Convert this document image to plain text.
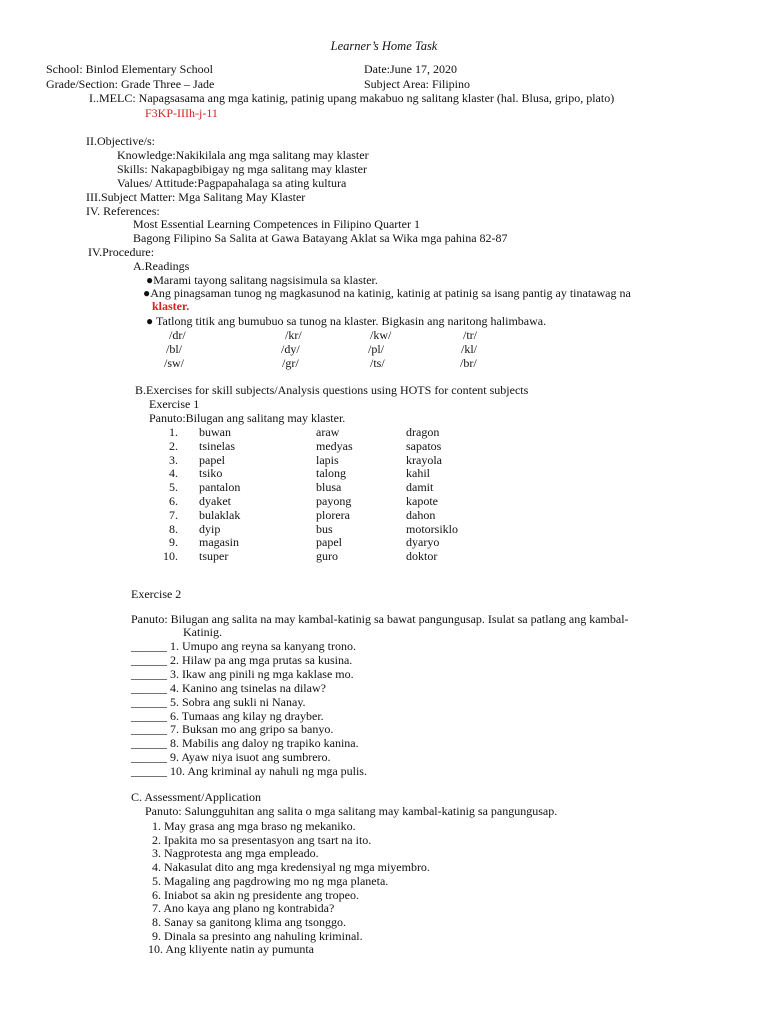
Learner’s Home Task
School: Binlod Elementary School	Date:June 17, 2020
Grade/Section: Grade Three – Jade	Subject Area: Filipino
I..MELC: Napagsasama ang mga katinig, patinig upang makabuo ng salitang klaster (hal. Blusa, gripo, plato)
F3KP-IIIh-j-11
II.Objective/s:
Knowledge:Nakikilala ang mga salitang may klaster
Skills: Nakapagbibigay ng mga salitang may klaster
Values/ Attitude:Pagpapahalaga sa ating kultura
III.Subject Matter: Mga Salitang May Klaster
IV. References:
Most Essential Learning Competences in Filipino Quarter 1
Bagong Filipino Sa Salita at Gawa Batayang Aklat sa Wika mga pahina 82-87
IV.Procedure:
A.Readings
●Marami tayong salitang nagsisimula sa klaster.
●Ang pinagsaman tunog ng magkasunod na katinig, katinig at patinig sa isang pantig ay tinatawag na
klaster.
● Tatlong titik ang bumubuo sa tunog na klaster. Bigkasin ang naritong halimbawa.
/dr/	/kr/	/kw/	/tr/
/bl/	/dy/	/pl/	/kl/
/sw/	/gr/	/ts/	/br/
B.Exercises for skill subjects/Analysis questions using HOTS for content subjects
Exercise 1
Panuto:Bilugan ang salitang may klaster.
1. buwan	araw	dragon
2. tsinelas	medyas	sapatos
3. papel	lapis	krayola
4. tsiko	talong	kahil
5. pantalon	blusa	damit
6. dyaket	payong	kapote
7. bulaklak	plorera	dahon
8. dyip	bus	motorsiklo
9. magasin	papel	dyaryo
10. tsuper	guro	doktor
Exercise 2
Panuto: Bilugan ang salita na may kambal-katinig sa bawat pangungusap. Isulat sa patlang ang kambal-
Katinig.
______ 1. Umupo ang reyna sa kanyang trono.
______ 2. Hilaw pa ang mga prutas sa kusina.
______ 3. Ikaw ang pinili ng mga kaklase mo.
______ 4. Kanino ang tsinelas na dilaw?
______ 5. Sobra ang sukli ni Nanay.
______ 6. Tumaas ang kilay ng drayber.
______ 7. Buksan mo ang gripo sa banyo.
______ 8. Mabilis ang daloy ng trapiko kanina.
______ 9. Ayaw niya isuot ang sumbrero.
______ 10. Ang kriminal ay nahuli ng mga pulis.
C. Assessment/Application
Panuto: Salungguhitan ang salita o mga salitang may kambal-katinig sa pangungusap.
1. May grasa ang mga braso ng mekaniko.
2. Ipakita mo sa presentasyon ang tsart na ito.
3. Nagprotesta ang mga empleado.
4. Nakasulat dito ang mga kredensiyal ng mga miyembro.
5. Magaling ang pagdrowing mo ng mga planeta.
6. Iniabot sa akin ng presidente ang tropeo.
7. Ano kaya ang plano ng kontrabida?
8. Sanay sa ganitong klima ang tsonggo.
9. Dinala sa presinto ang nahuling kriminal.
10. Ang kliyente natin ay pumunta
